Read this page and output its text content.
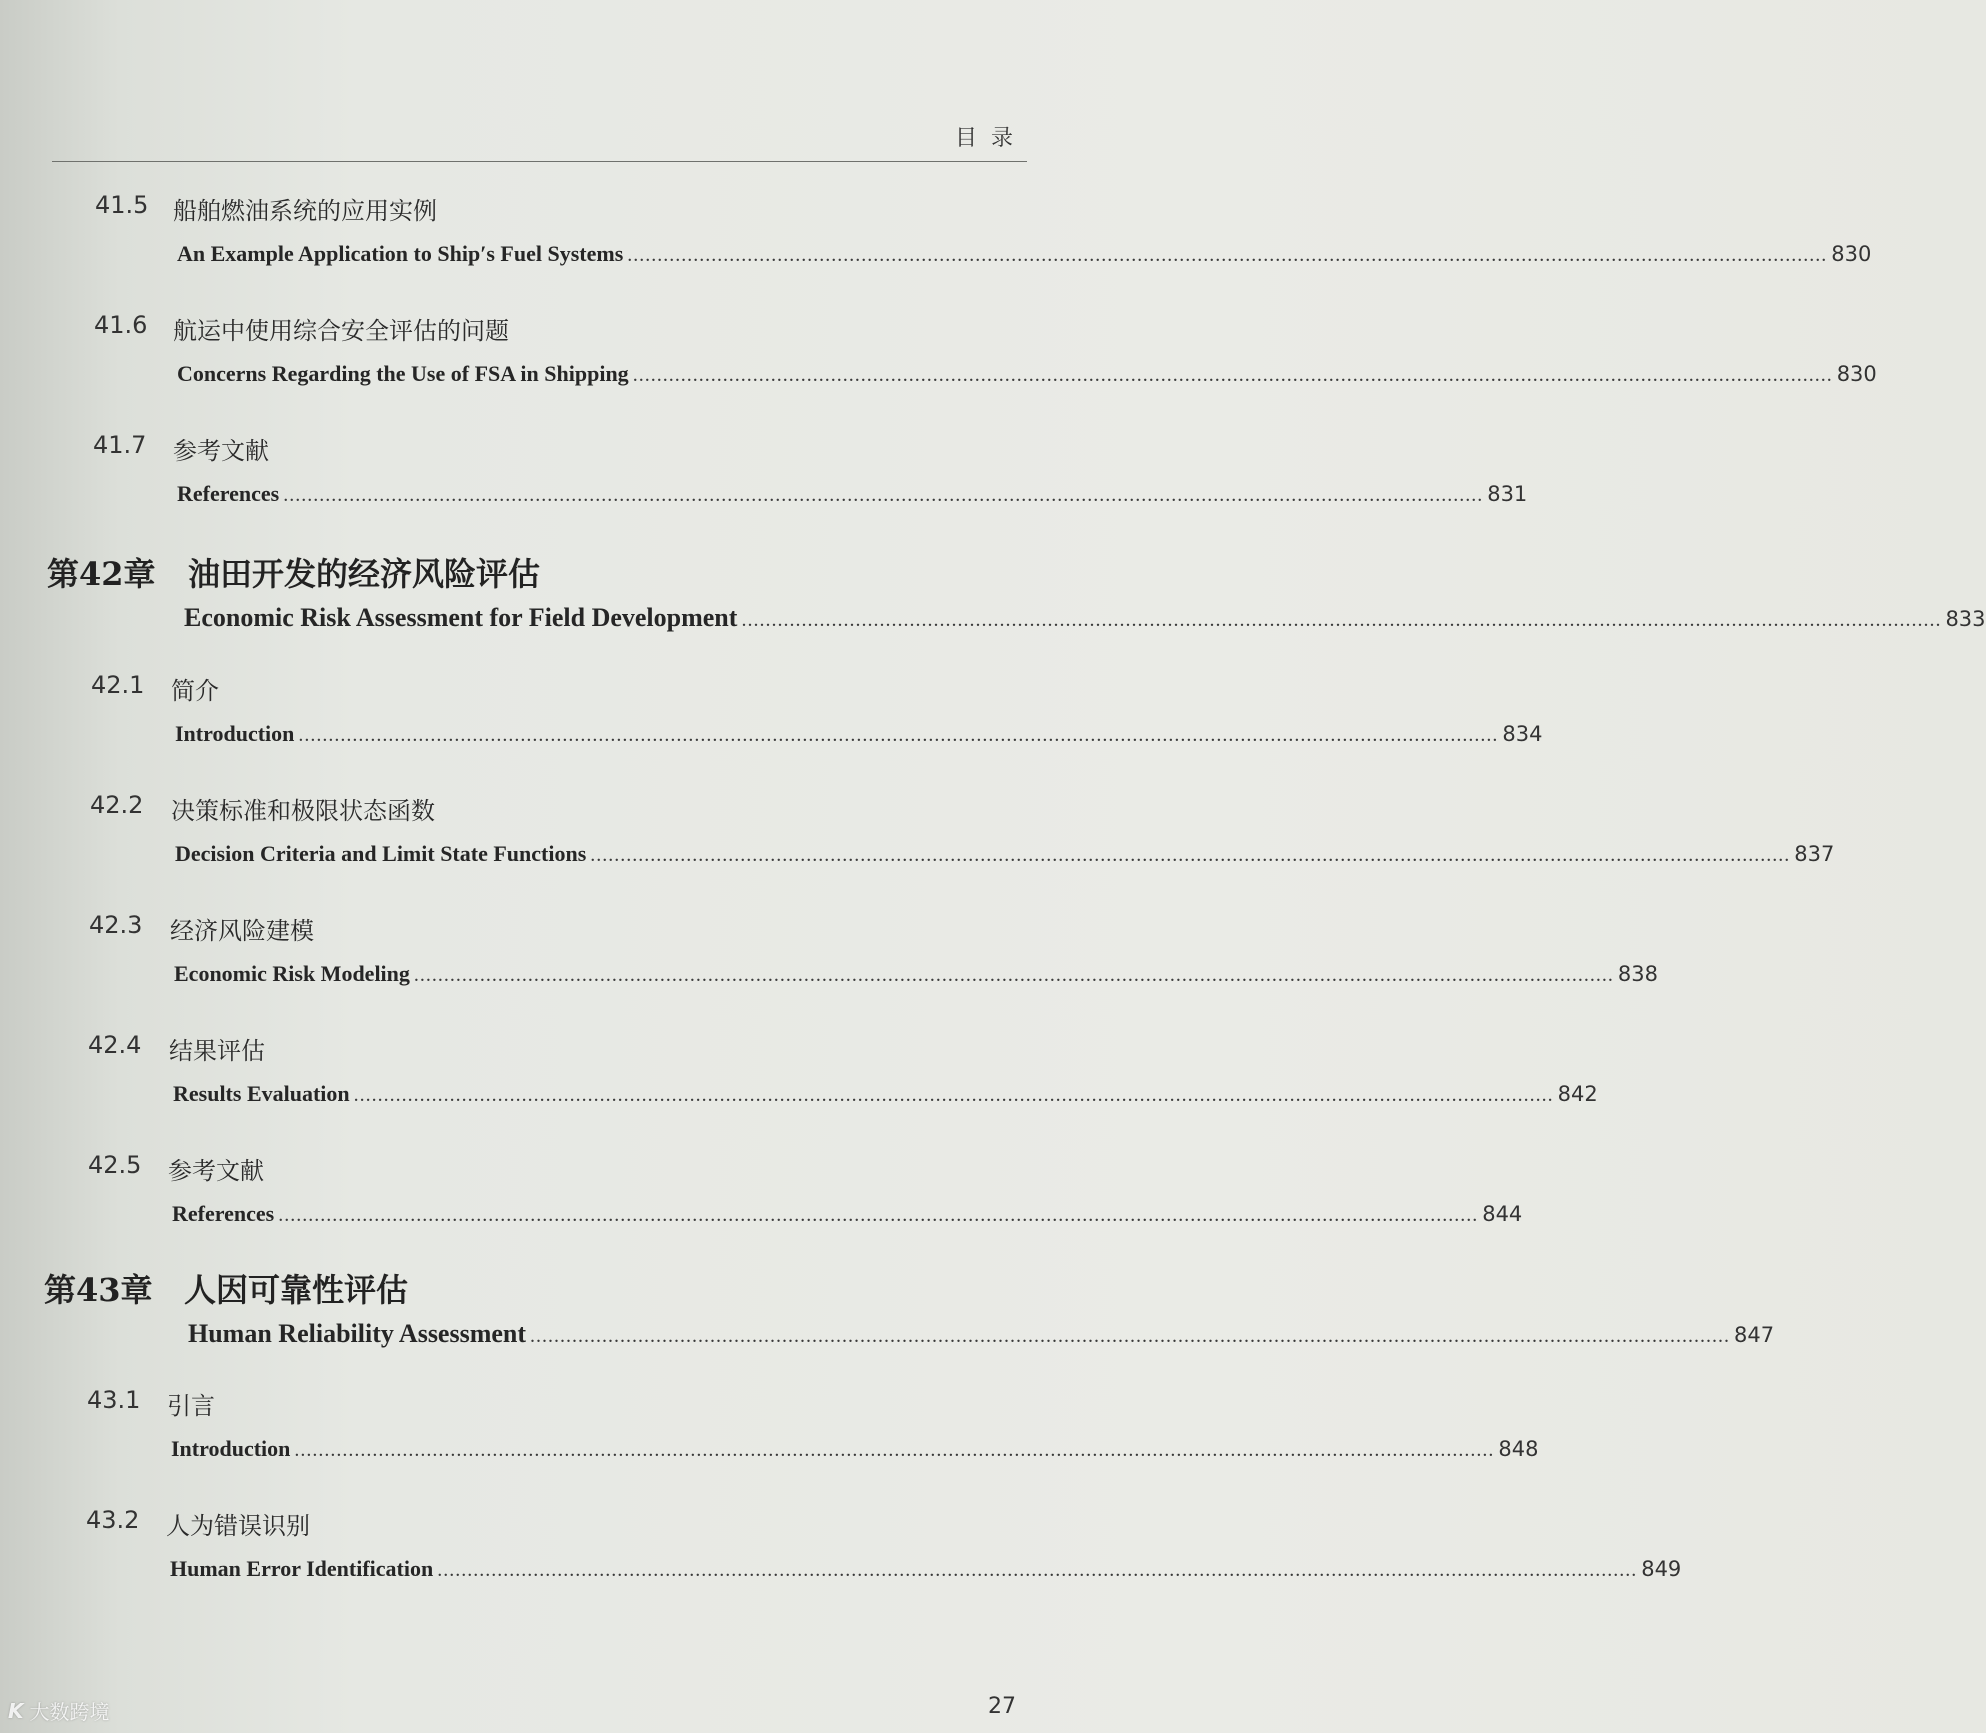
目录
41.5 船舶燃油系统的应用实例
An Example Application to Ship′s Fuel Systems ........................................................................................................................................................................................................ 830
41.6 航运中使用综合安全评估的问题
Concerns Regarding the Use of FSA in Shipping ........................................................................................................................................................................................................ 830
41.7 参考文献
References ........................................................................................................................................................................................................ 831
第42章 油田开发的经济风险评估
Economic Risk Assessment for Field Development ........................................................................................................................................................................................................ 833
42.1 简介
Introduction ........................................................................................................................................................................................................ 834
42.2 决策标准和极限状态函数
Decision Criteria and Limit State Functions ........................................................................................................................................................................................................ 837
42.3 经济风险建模
Economic Risk Modeling ........................................................................................................................................................................................................ 838
42.4 结果评估
Results Evaluation ........................................................................................................................................................................................................ 842
42.5 参考文献
References ........................................................................................................................................................................................................ 844
第43章 人因可靠性评估
Human Reliability Assessment ........................................................................................................................................................................................................ 847
43.1 引言
Introduction ........................................................................................................................................................................................................ 848
43.2 人为错误识别
Human Error Identification ........................................................................................................................................................................................................ 849
27
K 大数跨境
